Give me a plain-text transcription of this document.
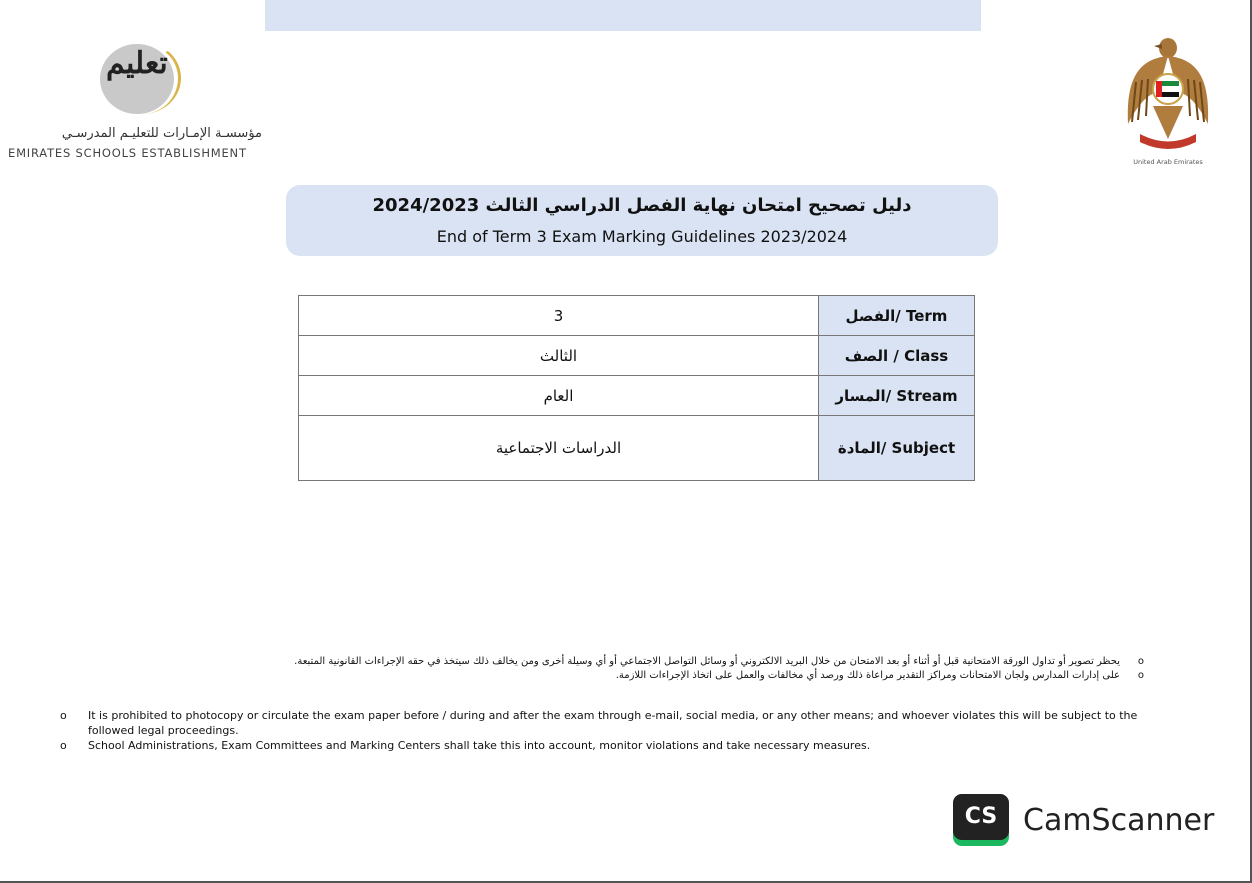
تعليم
مؤسسـة الإمـارات للتعليـم المدرسـي
EMIRATES SCHOOLS ESTABLISHMENT
United Arab Emirates
دليل تصحيح امتحان نهاية الفصل الدراسي الثالث 2024/2023
End of Term 3 Exam Marking Guidelines 2023/2024
3	الفصل/ Term
الثالث	الصف / Class
العام	المسار/ Stream
الدراسات الاجتماعية	المادة/ Subject
o
يحظر تصوير أو تداول الورقة الامتحانية قبل أو أثناء أو بعد الامتحان من خلال البريد الالكتروني أو وسائل التواصل الاجتماعي أو أي وسيلة أخرى ومن يخالف ذلك سيتخذ في حقه الإجراءات القانونية المتبعة.
o
على إدارات المدارس ولجان الامتحانات ومراكز التقدير مراعاة ذلك ورصد أي مخالفات والعمل على اتخاذ الإجراءات اللازمة.
o It is prohibited to photocopy or circulate the exam paper before / during and after the exam through e-mail, social media, or any other means; and whoever violates this will be subject to the followed legal proceedings.
o School Administrations, Exam Committees and Marking Centers shall take this into account, monitor violations and take necessary measures.
CS CamScanner
